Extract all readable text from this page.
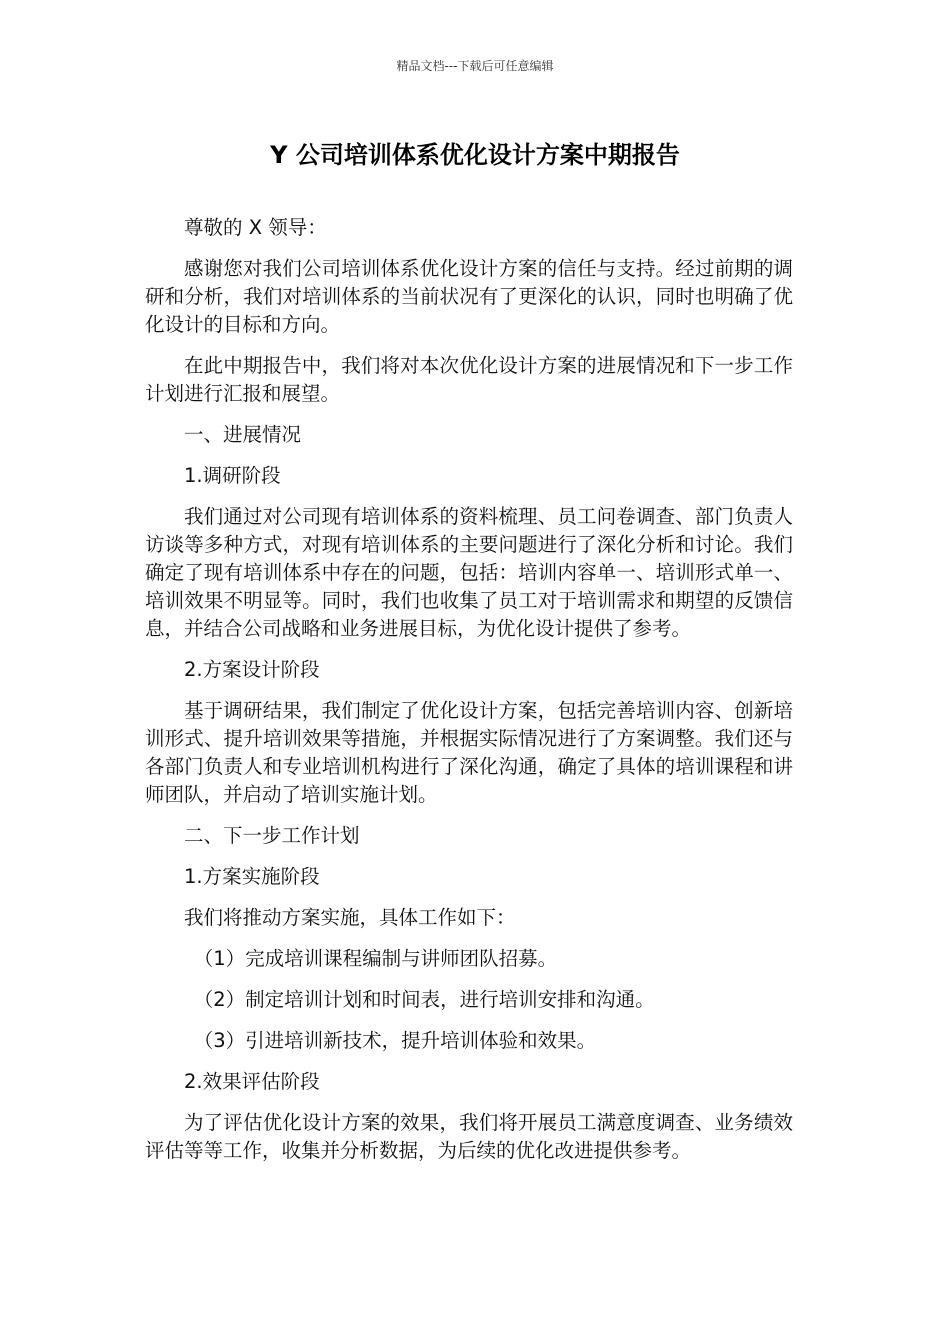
精品文档---下载后可任意编辑
Y 公司培训体系优化设计方案中期报告

尊敬的 X 领导：

感谢您对我们公司培训体系优化设计方案的信任与支持。经过前期的调研和分析，我们对培训体系的当前状况有了更深化的认识，同时也明确了优化设计的目标和方向。

在此中期报告中，我们将对本次优化设计方案的进展情况和下一步工作计划进行汇报和展望。

一、进展情况

1.调研阶段

我们通过对公司现有培训体系的资料梳理、员工问卷调查、部门负责人访谈等多种方式，对现有培训体系的主要问题进行了深化分析和讨论。我们确定了现有培训体系中存在的问题，包括：培训内容单一、培训形式单一、培训效果不明显等。同时，我们也收集了员工对于培训需求和期望的反馈信息，并结合公司战略和业务进展目标，为优化设计提供了参考。

2.方案设计阶段

基于调研结果，我们制定了优化设计方案，包括完善培训内容、创新培训形式、提升培训效果等措施，并根据实际情况进行了方案调整。我们还与各部门负责人和专业培训机构进行了深化沟通，确定了具体的培训课程和讲师团队，并启动了培训实施计划。

二、下一步工作计划

1.方案实施阶段

我们将推动方案实施，具体工作如下：

（1）完成培训课程编制与讲师团队招募。

（2）制定培训计划和时间表，进行培训安排和沟通。

（3）引进培训新技术，提升培训体验和效果。

2.效果评估阶段

为了评估优化设计方案的效果，我们将开展员工满意度调查、业务绩效评估等等工作，收集并分析数据，为后续的优化改进提供参考。
